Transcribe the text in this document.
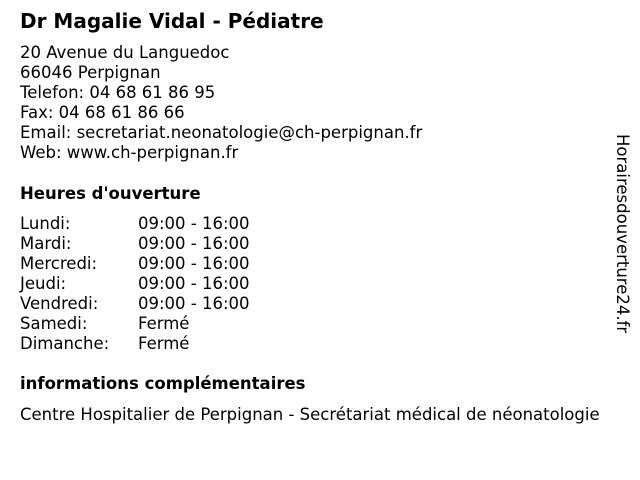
Dr Magalie Vidal - Pédiatre
20 Avenue du Languedoc
66046 Perpignan
Telefon: 04 68 61 86 95
Fax: 04 68 61 86 66
Email: secretariat.neonatologie@ch-perpignan.fr
Web: www.ch-perpignan.fr
Heures d'ouverture
Lundi:	09:00 - 16:00
Mardi:	09:00 - 16:00
Mercredi: 09:00 - 16:00
Jeudi:	09:00 - 16:00
Vendredi: 09:00 - 16:00
Samedi:	Fermé
Dimanche: Fermé
informations complémentaires
Centre Hospitalier de Perpignan - Secrétariat médical de néonatologie
Horairesdouverture24.fr
